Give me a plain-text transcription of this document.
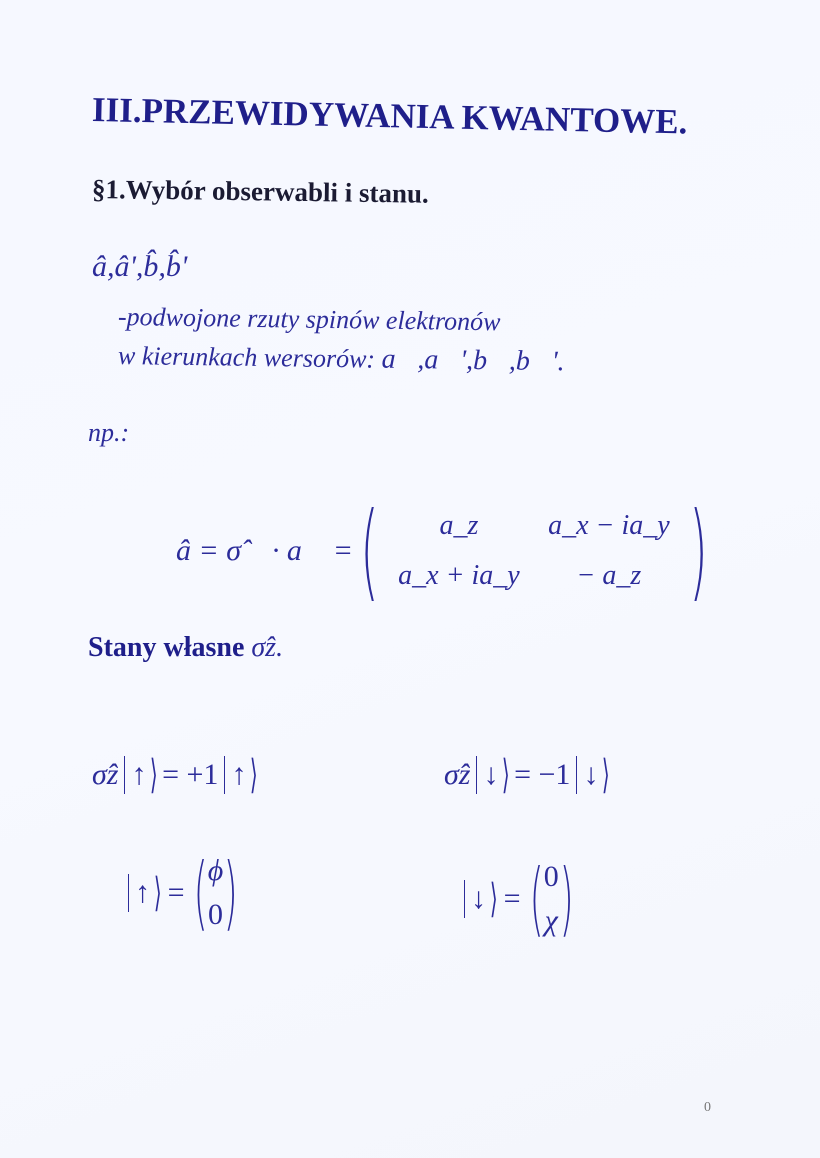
III.PRZEWIDYWANIA KWANTOWE.
§1.Wybór obserwabli i stanu.
â,â',b̂,b̂'
-podwojone rzuty spinów elektronów
w kierunkach wersorów: a⃗,a⃗',b⃗,b⃗'.
np.:
â = σ̂⃗ · a⃗ = (	a_z	a_x − ia_y
a_x + ia_y	− a_z )
Stany własne σ̂z.
σ̂z ↑ ⟩ = +1 ↑ ⟩	σ̂z ↓ ⟩ = −1 ↓ ⟩
↑ ⟩ = ( ϕ
0 )	↓ ⟩ = ( 0
χ )
0
